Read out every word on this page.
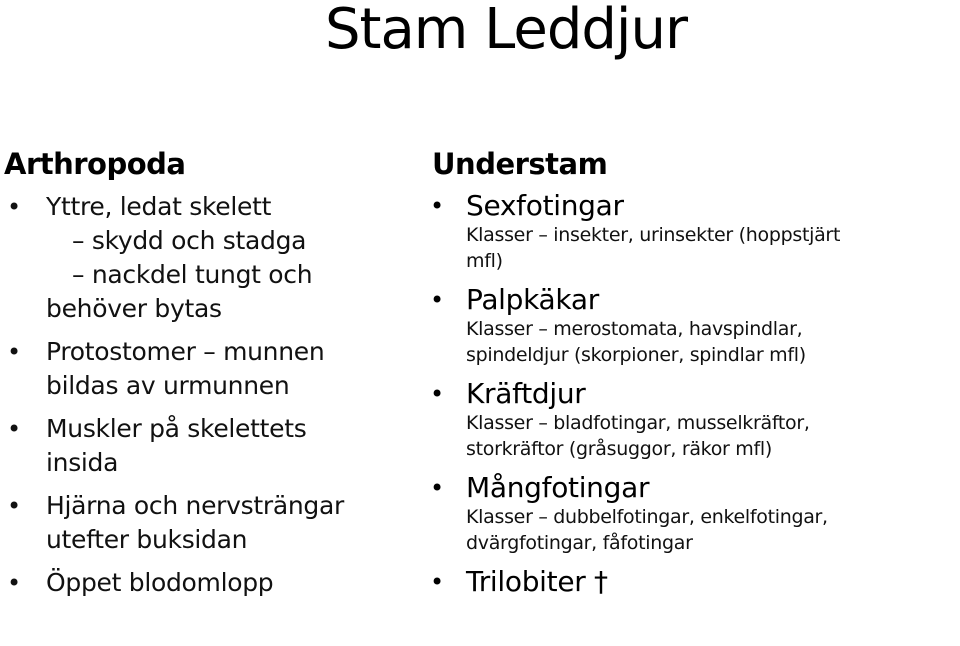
Stam Leddjur
Arthropoda
• Yttre, ledat skelett

– skydd och stadga
– nackdel tungt och
behöver bytas
• Protostomer – munnen
bildas av urmunnen
• Muskler på skelettets
insida
• Hjärna och nervsträngar
utefter buksidan
• Öppet blodomlopp
Understam
• Sexfotingar
Klasser – insekter, urinsekter (hoppstjärt
mfl)
• Palpkäkar
Klasser – merostomata, havspindlar,
spindeldjur (skorpioner, spindlar mfl)
• Kräftdjur
Klasser – bladfotingar, musselkräftor,
storkräftor (gråsuggor, räkor mfl)
• Mångfotingar
Klasser – dubbelfotingar, enkelfotingar,
dvärgfotingar, fåfotingar
• Trilobiter †
